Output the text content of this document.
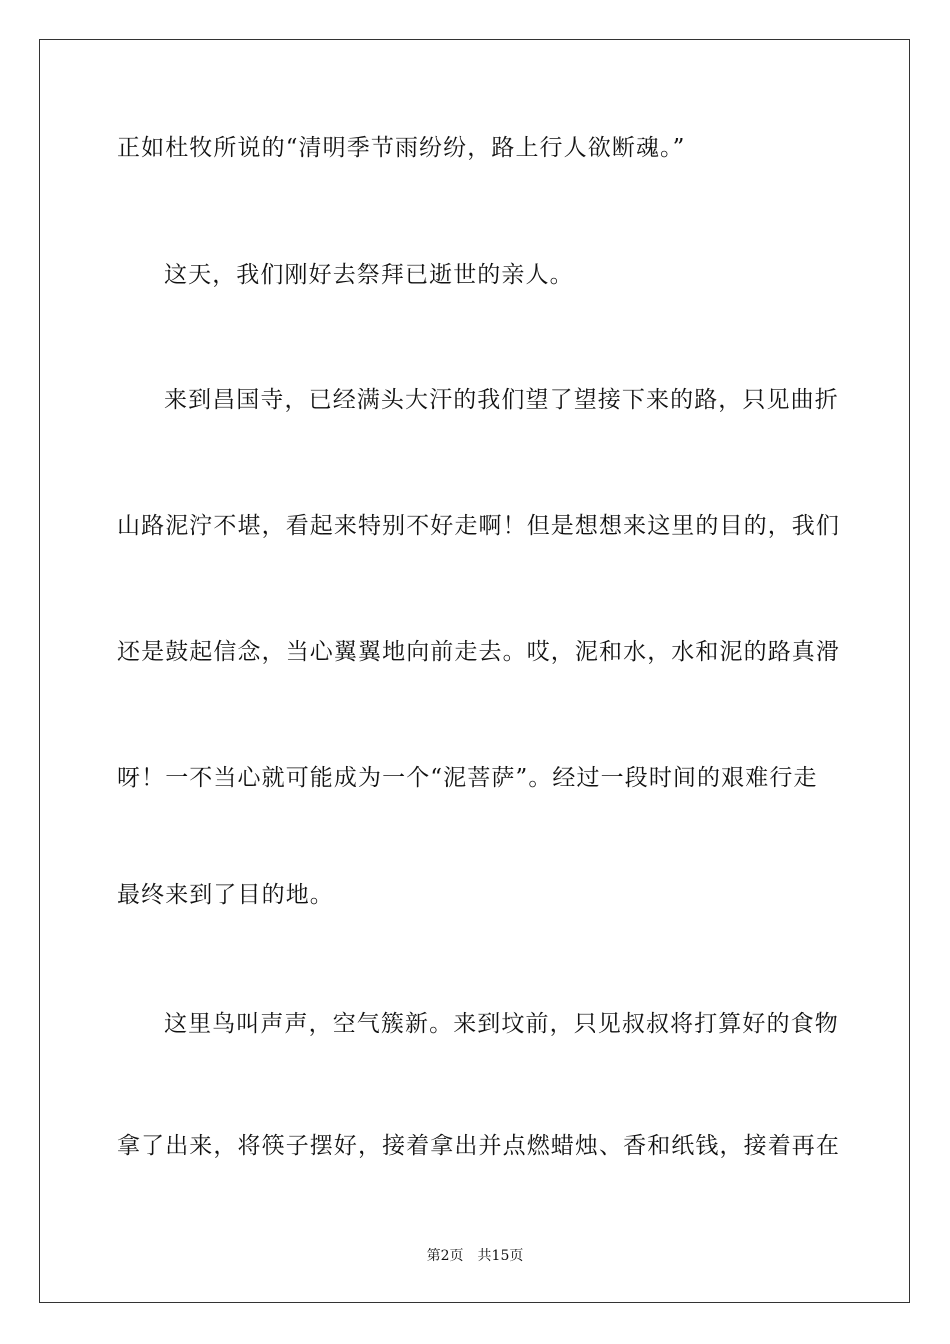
正如杜牧所说的“清明季节雨纷纷，路上行人欲断魂。”
这天，我们刚好去祭拜已逝世的亲人。
来到昌国寺，已经满头大汗的我们望了望接下来的路，只见曲折
山路泥泞不堪，看起来特别不好走啊！但是想想来这里的目的，我们
还是鼓起信念，当心翼翼地向前走去。哎，泥和水，水和泥的路真滑
呀！一不当心就可能成为一个“泥菩萨”。经过一段时间的艰难行走
最终来到了目的地。
这里鸟叫声声，空气簇新。来到坟前，只见叔叔将打算好的食物
拿了出来，将筷子摆好，接着拿出并点燃蜡烛、香和纸钱，接着再在
第2页 共15页
